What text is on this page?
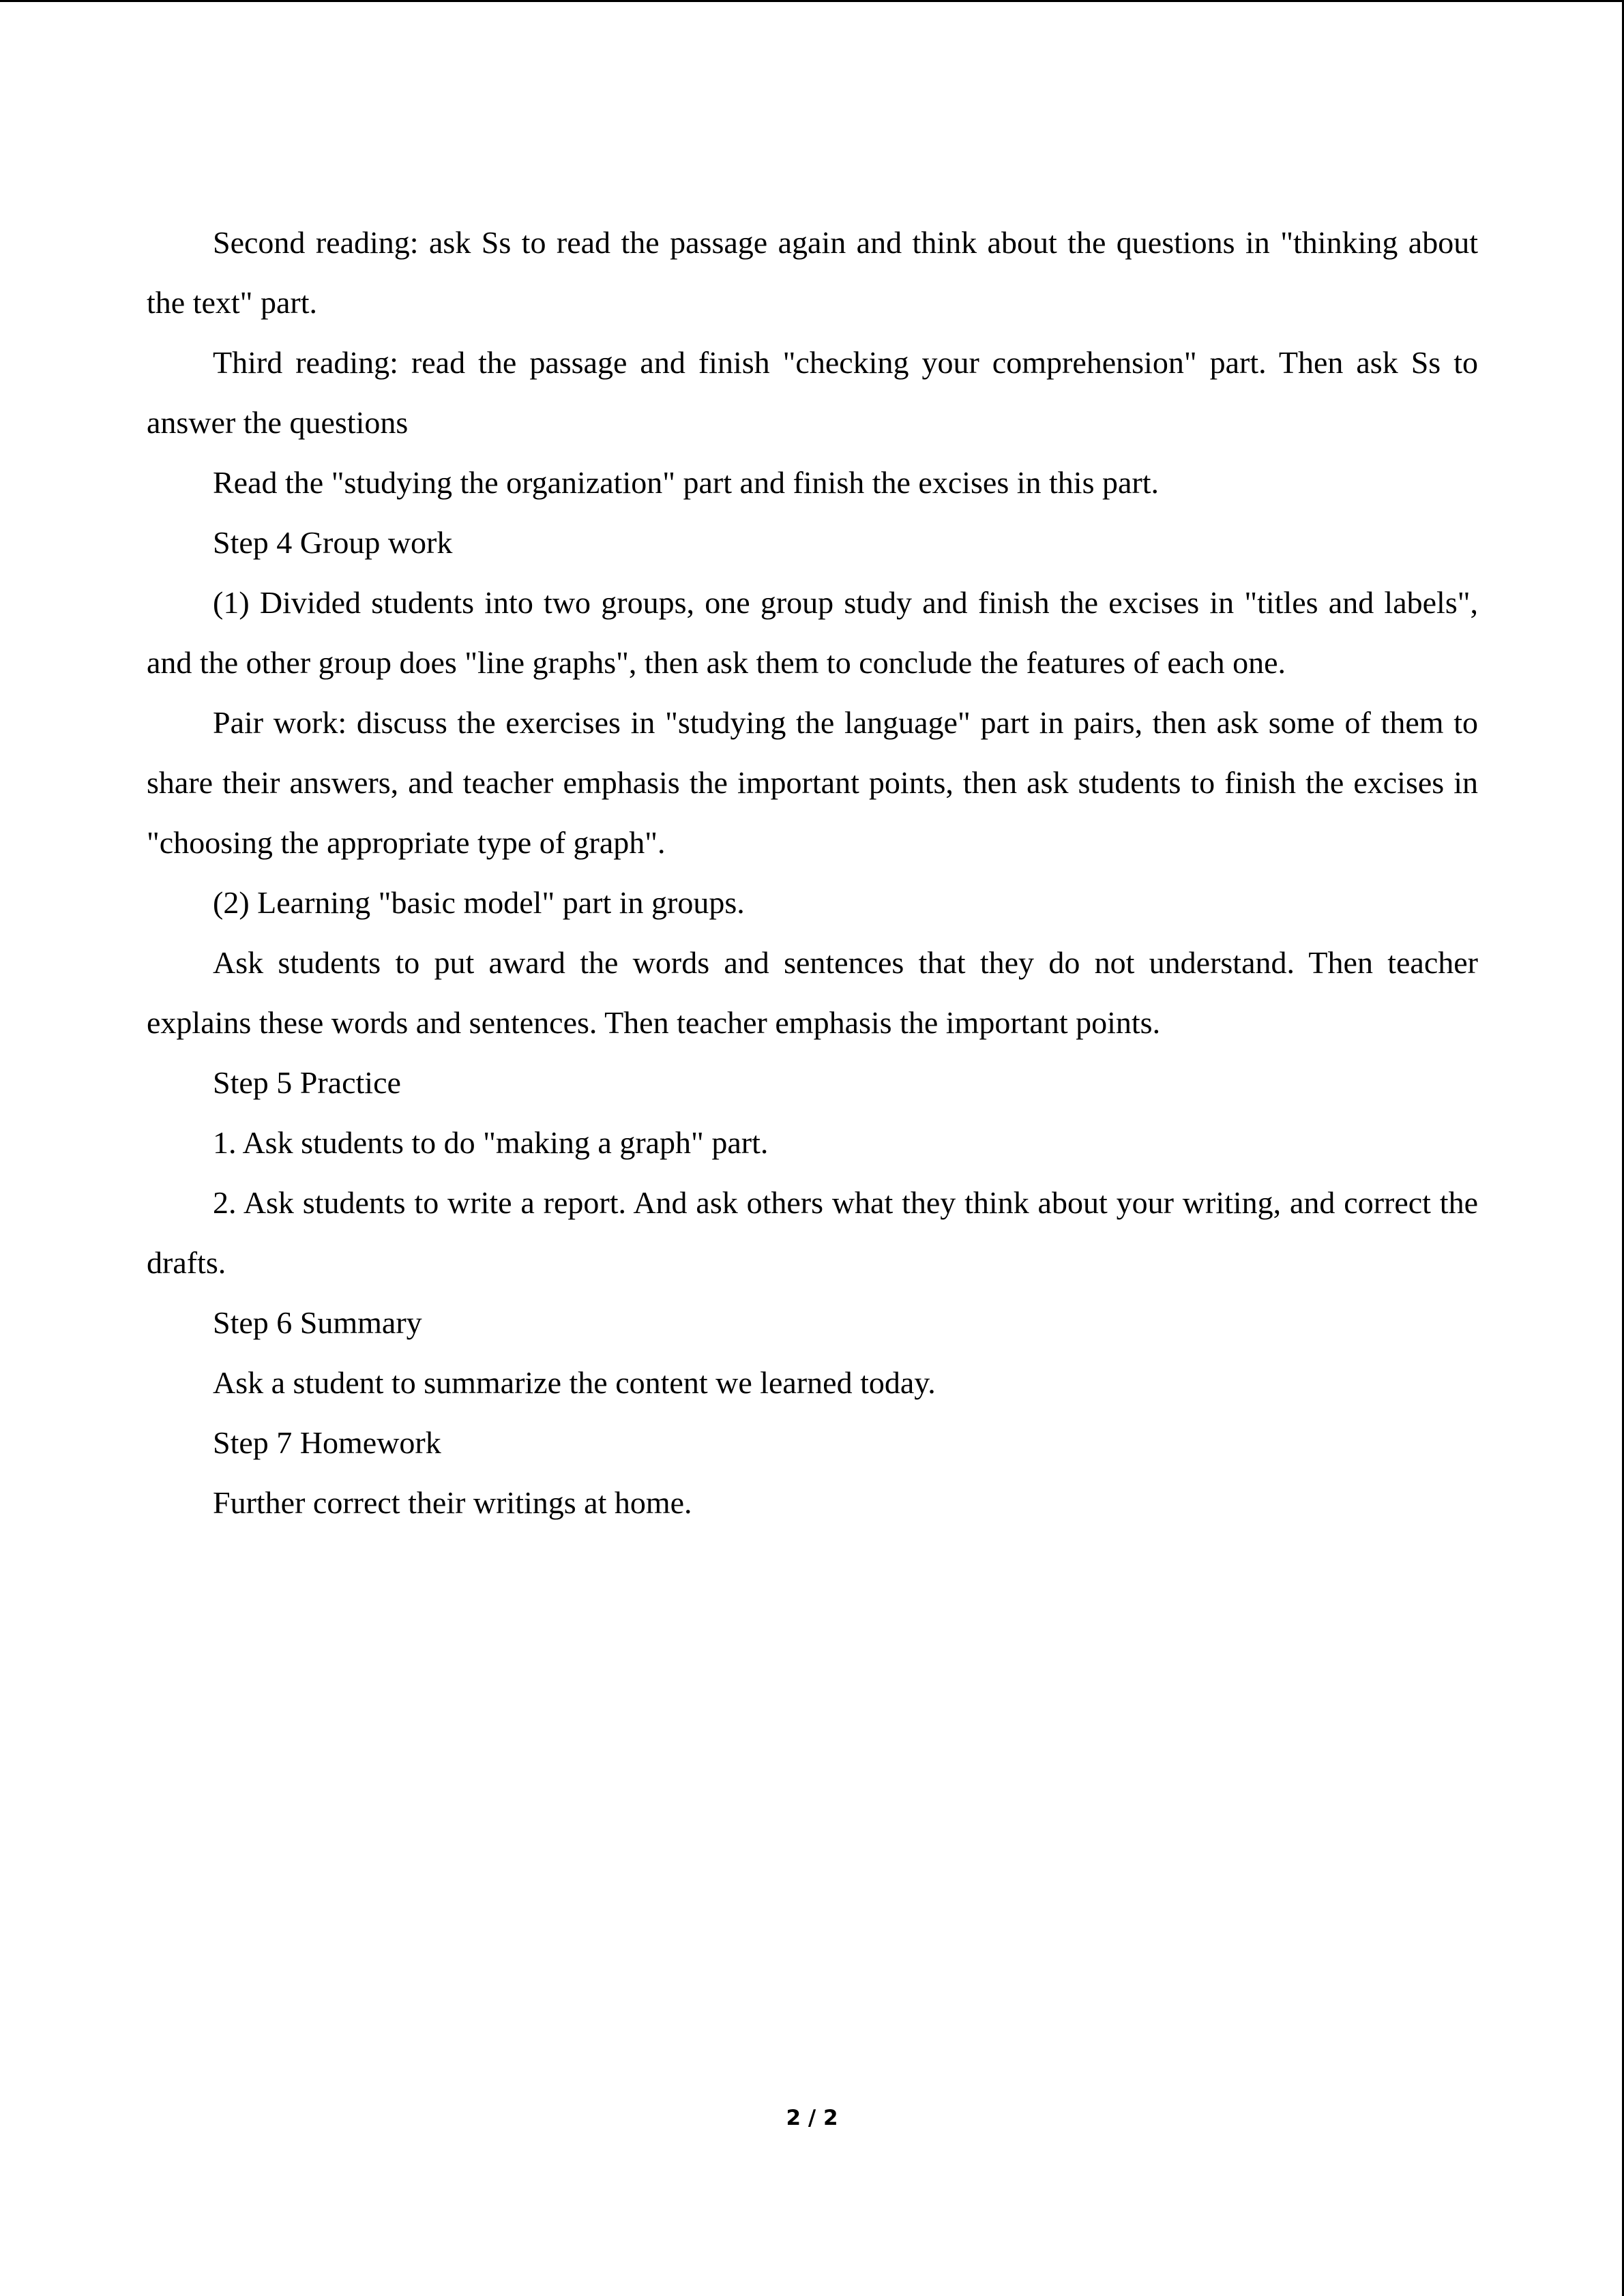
Second reading: ask Ss to read the passage again and think about the questions in "thinking about the text" part.

Third reading: read the passage and finish "checking your comprehension" part. Then ask Ss to answer the questions

Read the "studying the organization" part and finish the excises in this part.

Step 4 Group work

(1) Divided students into two groups, one group study and finish the excises in "titles and labels", and the other group does "line graphs", then ask them to conclude the features of each one.

Pair work: discuss the exercises in "studying the language" part in pairs, then ask some of them to share their answers, and teacher emphasis the important points, then ask students to finish the excises in "choosing the appropriate type of graph".

(2) Learning "basic model" part in groups.

Ask students to put award the words and sentences that they do not understand. Then teacher explains these words and sentences. Then teacher emphasis the important points.

Step 5 Practice

1. Ask students to do "making a graph" part.

2. Ask students to write a report. And ask others what they think about your writing, and correct the drafts.

Step 6 Summary

Ask a student to summarize the content we learned today.

Step 7 Homework

Further correct their writings at home.

2 / 2
